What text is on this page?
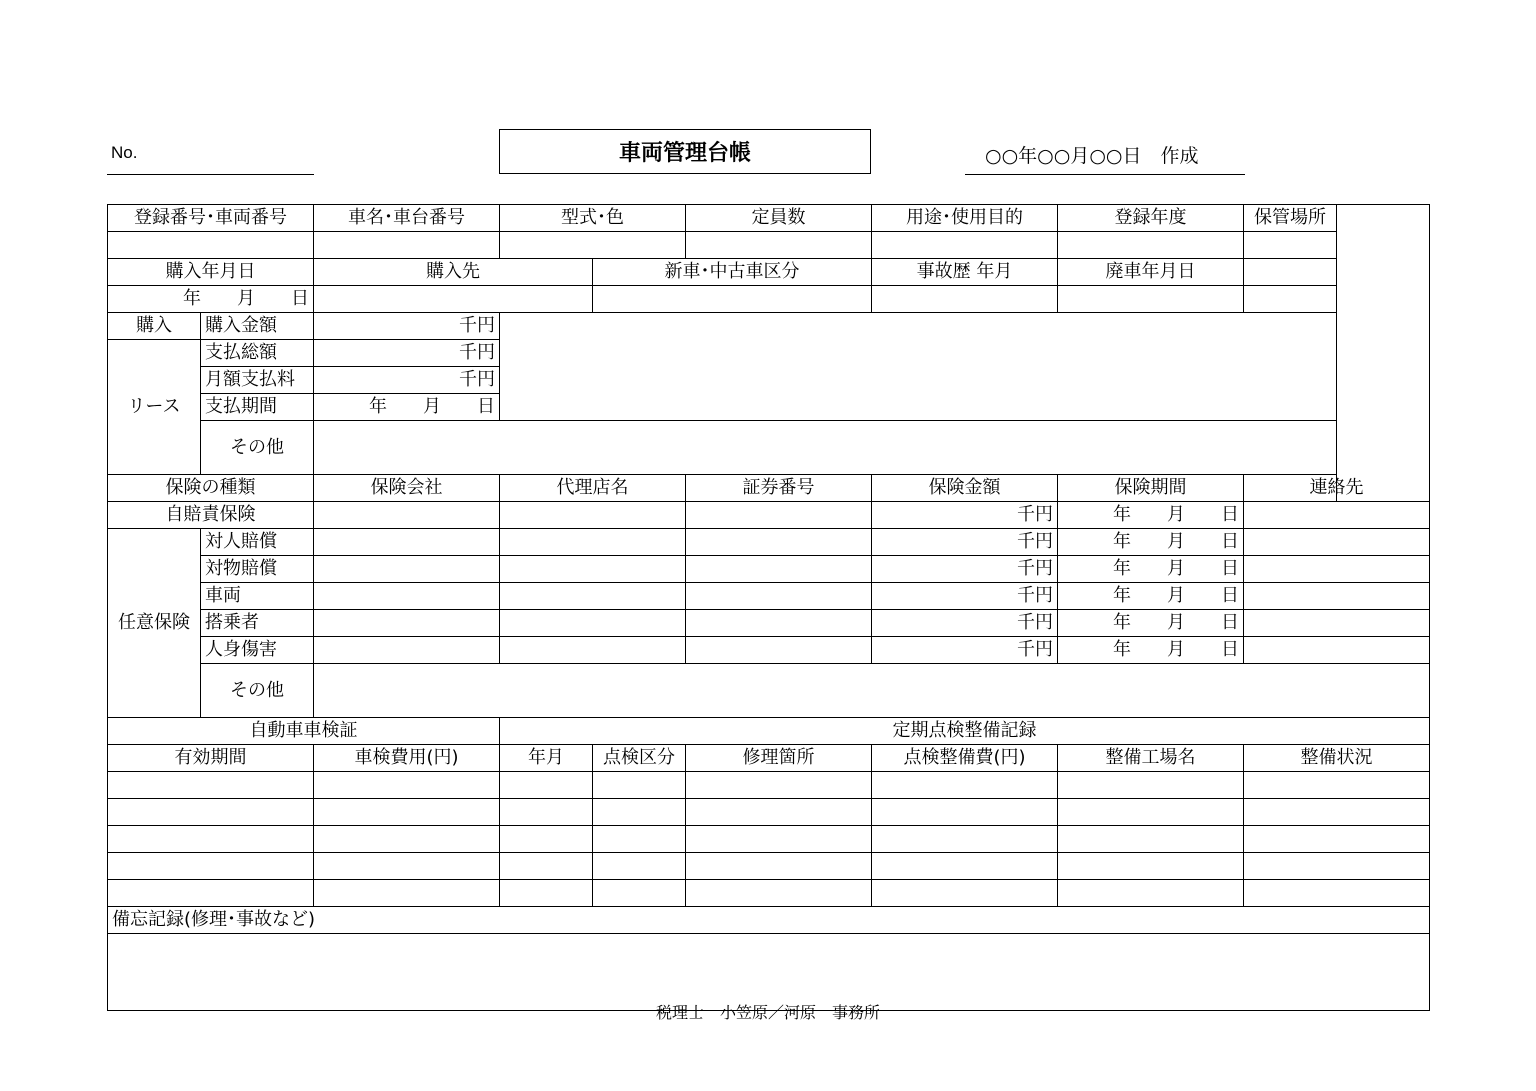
No.	車両管理台帳	○○年○○月○○日　作成
登録番号･車両番号		車名･車台番号	型式･色		定員数	用途･使用目的	登録年度	保管場所	

購入年月日		購入先		新車･中古車区分		事故歴 年月	廃車年月日		
年　　月　　日									
購入	購入金額	千円							
リース	支払総額	千円							
	月額支払料	千円							
	支払期間	年　　月　　日							
	その他								
保険の種類		保険会社	代理店名		証券番号	保険金額	保険期間	連絡先	
自賠責保険						千円	年　　月　　日		
任意保険	対人賠償					千円	年　　月　　日		
	対物賠償					千円	年　　月　　日		
	車両					千円	年　　月　　日		
	搭乗者					千円	年　　月　　日		
	人身傷害					千円	年　　月　　日		
	その他								
自動車車検証			定期点検整備記録						
有効期間		車検費用(円)	年月	点検区分	修理箇所	点検整備費(円)	整備工場名	整備状況	

備忘記録(修理･事故など)									

税理士　小笠原／河原　事務所
